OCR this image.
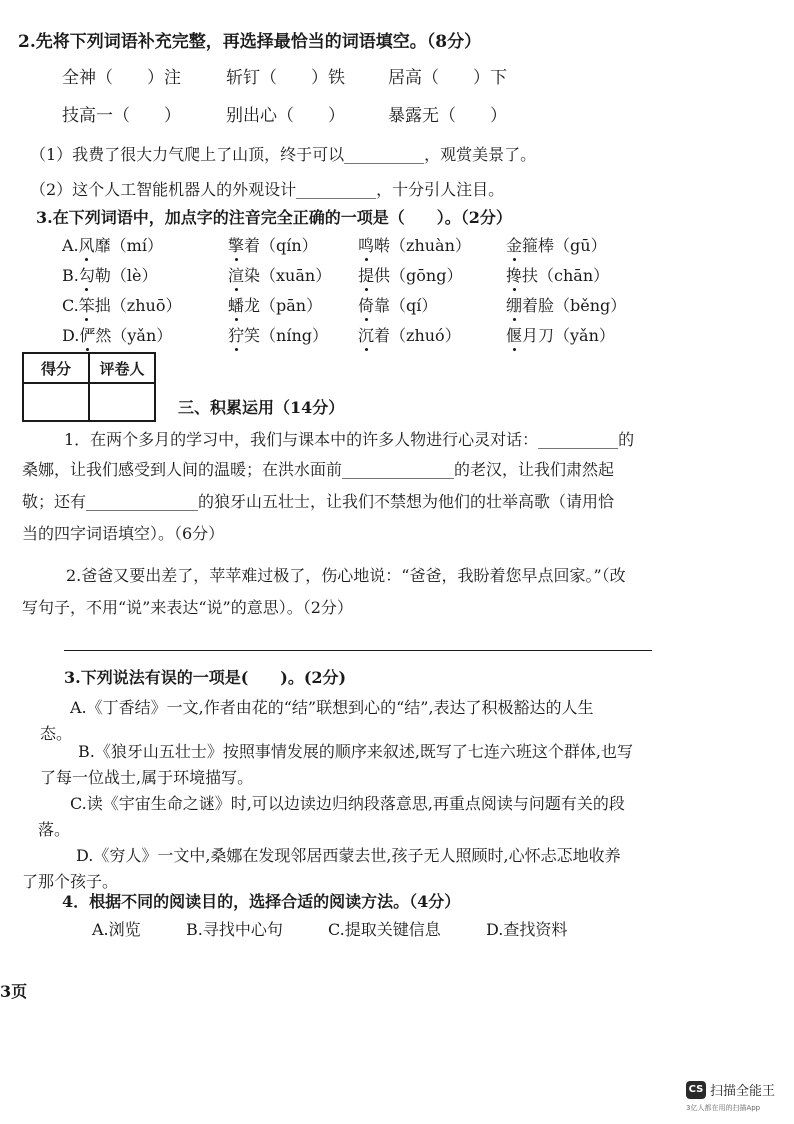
2.先将下列词语补充完整，再选择最恰当的词语填空。（8分）
全神（　　）注	斩钉（　　）铁	居高（　　）下
技高一（　　）	别出心（　　）	暴露无（　　）
（1）我费了很大力气爬上了山顶，终于可以__________，观赏美景了。
（2）这个人工智能机器人的外观设计__________，十分引人注目。
3.在下列词语中，加点字的注音完全正确的一项是（　　）。（2分）
A.风靡（mí）	擎着（qín）	鸣啭（zhuàn） 金箍棒（gū）
B.勾勒（lè）	渲染（xuān） 提供（gōng）	搀扶（chān）
C.笨拙（zhuō）	蟠龙（pān） 倚靠（qí）	绷着脸（běng）
D.俨然（yǎn）	狞笑（níng） 沉着（zhuó）	偃月刀（yǎn）
得分	评卷人

三、积累运用（14分）
1．在两个多月的学习中，我们与课本中的许多人物进行心灵对话：__________的
桑娜，让我们感受到人间的温暖；在洪水面前______________的老汉，让我们肃然起
敬；还有______________的狼牙山五壮士，让我们不禁想为他们的壮举高歌（请用恰
当的四字词语填空）。（6分）
2.爸爸又要出差了，苹苹难过极了，伤心地说：“爸爸，我盼着您早点回家。”（改
写句子，不用“说”来表达“说”的意思）。（2分）
3.下列说法有误的一项是(　　)。(2分)
A.《丁香结》一文,作者由花的“结”联想到心的“结”,表达了积极豁达的人生
态。
B.《狼牙山五壮士》按照事情发展的顺序来叙述,既写了七连六班这个群体,也写
了每一位战士,属于环境描写。
C.读《宇宙生命之谜》时,可以边读边归纳段落意思,再重点阅读与问题有关的段
落。
D.《穷人》一文中,桑娜在发现邻居西蒙去世,孩子无人照顾时,心怀忐忑地收养
了那个孩子。
4．根据不同的阅读目的，选择合适的阅读方法。（4分）
A.浏览	B.寻找中心句	C.提取关键信息	D.查找资料
3页
CS 扫描全能王
3亿人都在用的扫描App
